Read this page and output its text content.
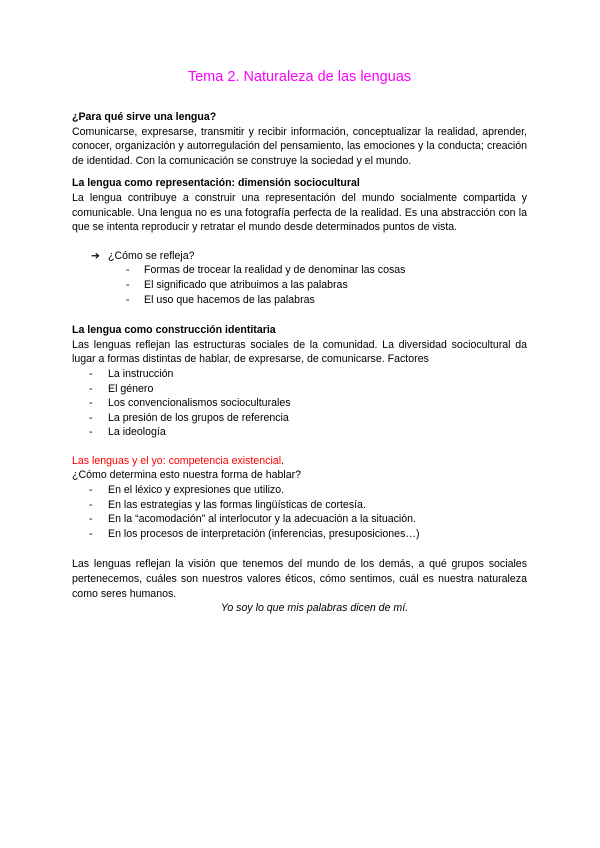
Tema 2. Naturaleza de las lenguas
¿Para qué sirve una lengua?

Comunicarse, expresarse, transmitir y recibir información, conceptualizar la realidad, aprender, conocer, organización y autorregulación del pensamiento, las emociones y la conducta; creación de identidad. Con la comunicación se construye la sociedad y el mundo.

La lengua como representación: dimensión sociocultural

La lengua contribuye a construir una representación del mundo socialmente compartida y comunicable. Una lengua no es una fotografía perfecta de la realidad. Es una abstracción con la que se intenta reproducir y retratar el mundo desde determinados puntos de vista.

➔ ¿Cómo se refleja?
- Formas de trocear la realidad y de denominar las cosas
- El significado que atribuimos a las palabras
- El uso que hacemos de las palabras
La lengua como construcción identitaria

Las lenguas reflejan las estructuras sociales de la comunidad. La diversidad sociocultural da lugar a formas distintas de hablar, de expresarse, de comunicarse. Factores

- La instrucción
- El género
- Los convencionalismos socioculturales
- La presión de los grupos de referencia
- La ideología

Las lenguas y el yo: competencia existencial.

¿Cómo determina esto nuestra forma de hablar?

- En el léxico y expresiones que utilizo.
- En las estrategias y las formas lingüísticas de cortesía.
- En la “acomodación” al interlocutor y la adecuación a la situación.
- En los procesos de interpretación (inferencias, presuposiciones…)

Las lenguas reflejan la visión que tenemos del mundo de los demás, a qué grupos sociales pertenecemos, cuáles son nuestros valores éticos, cómo sentimos, cuál es nuestra naturaleza como seres humanos.

Yo soy lo que mis palabras dicen de mí.
